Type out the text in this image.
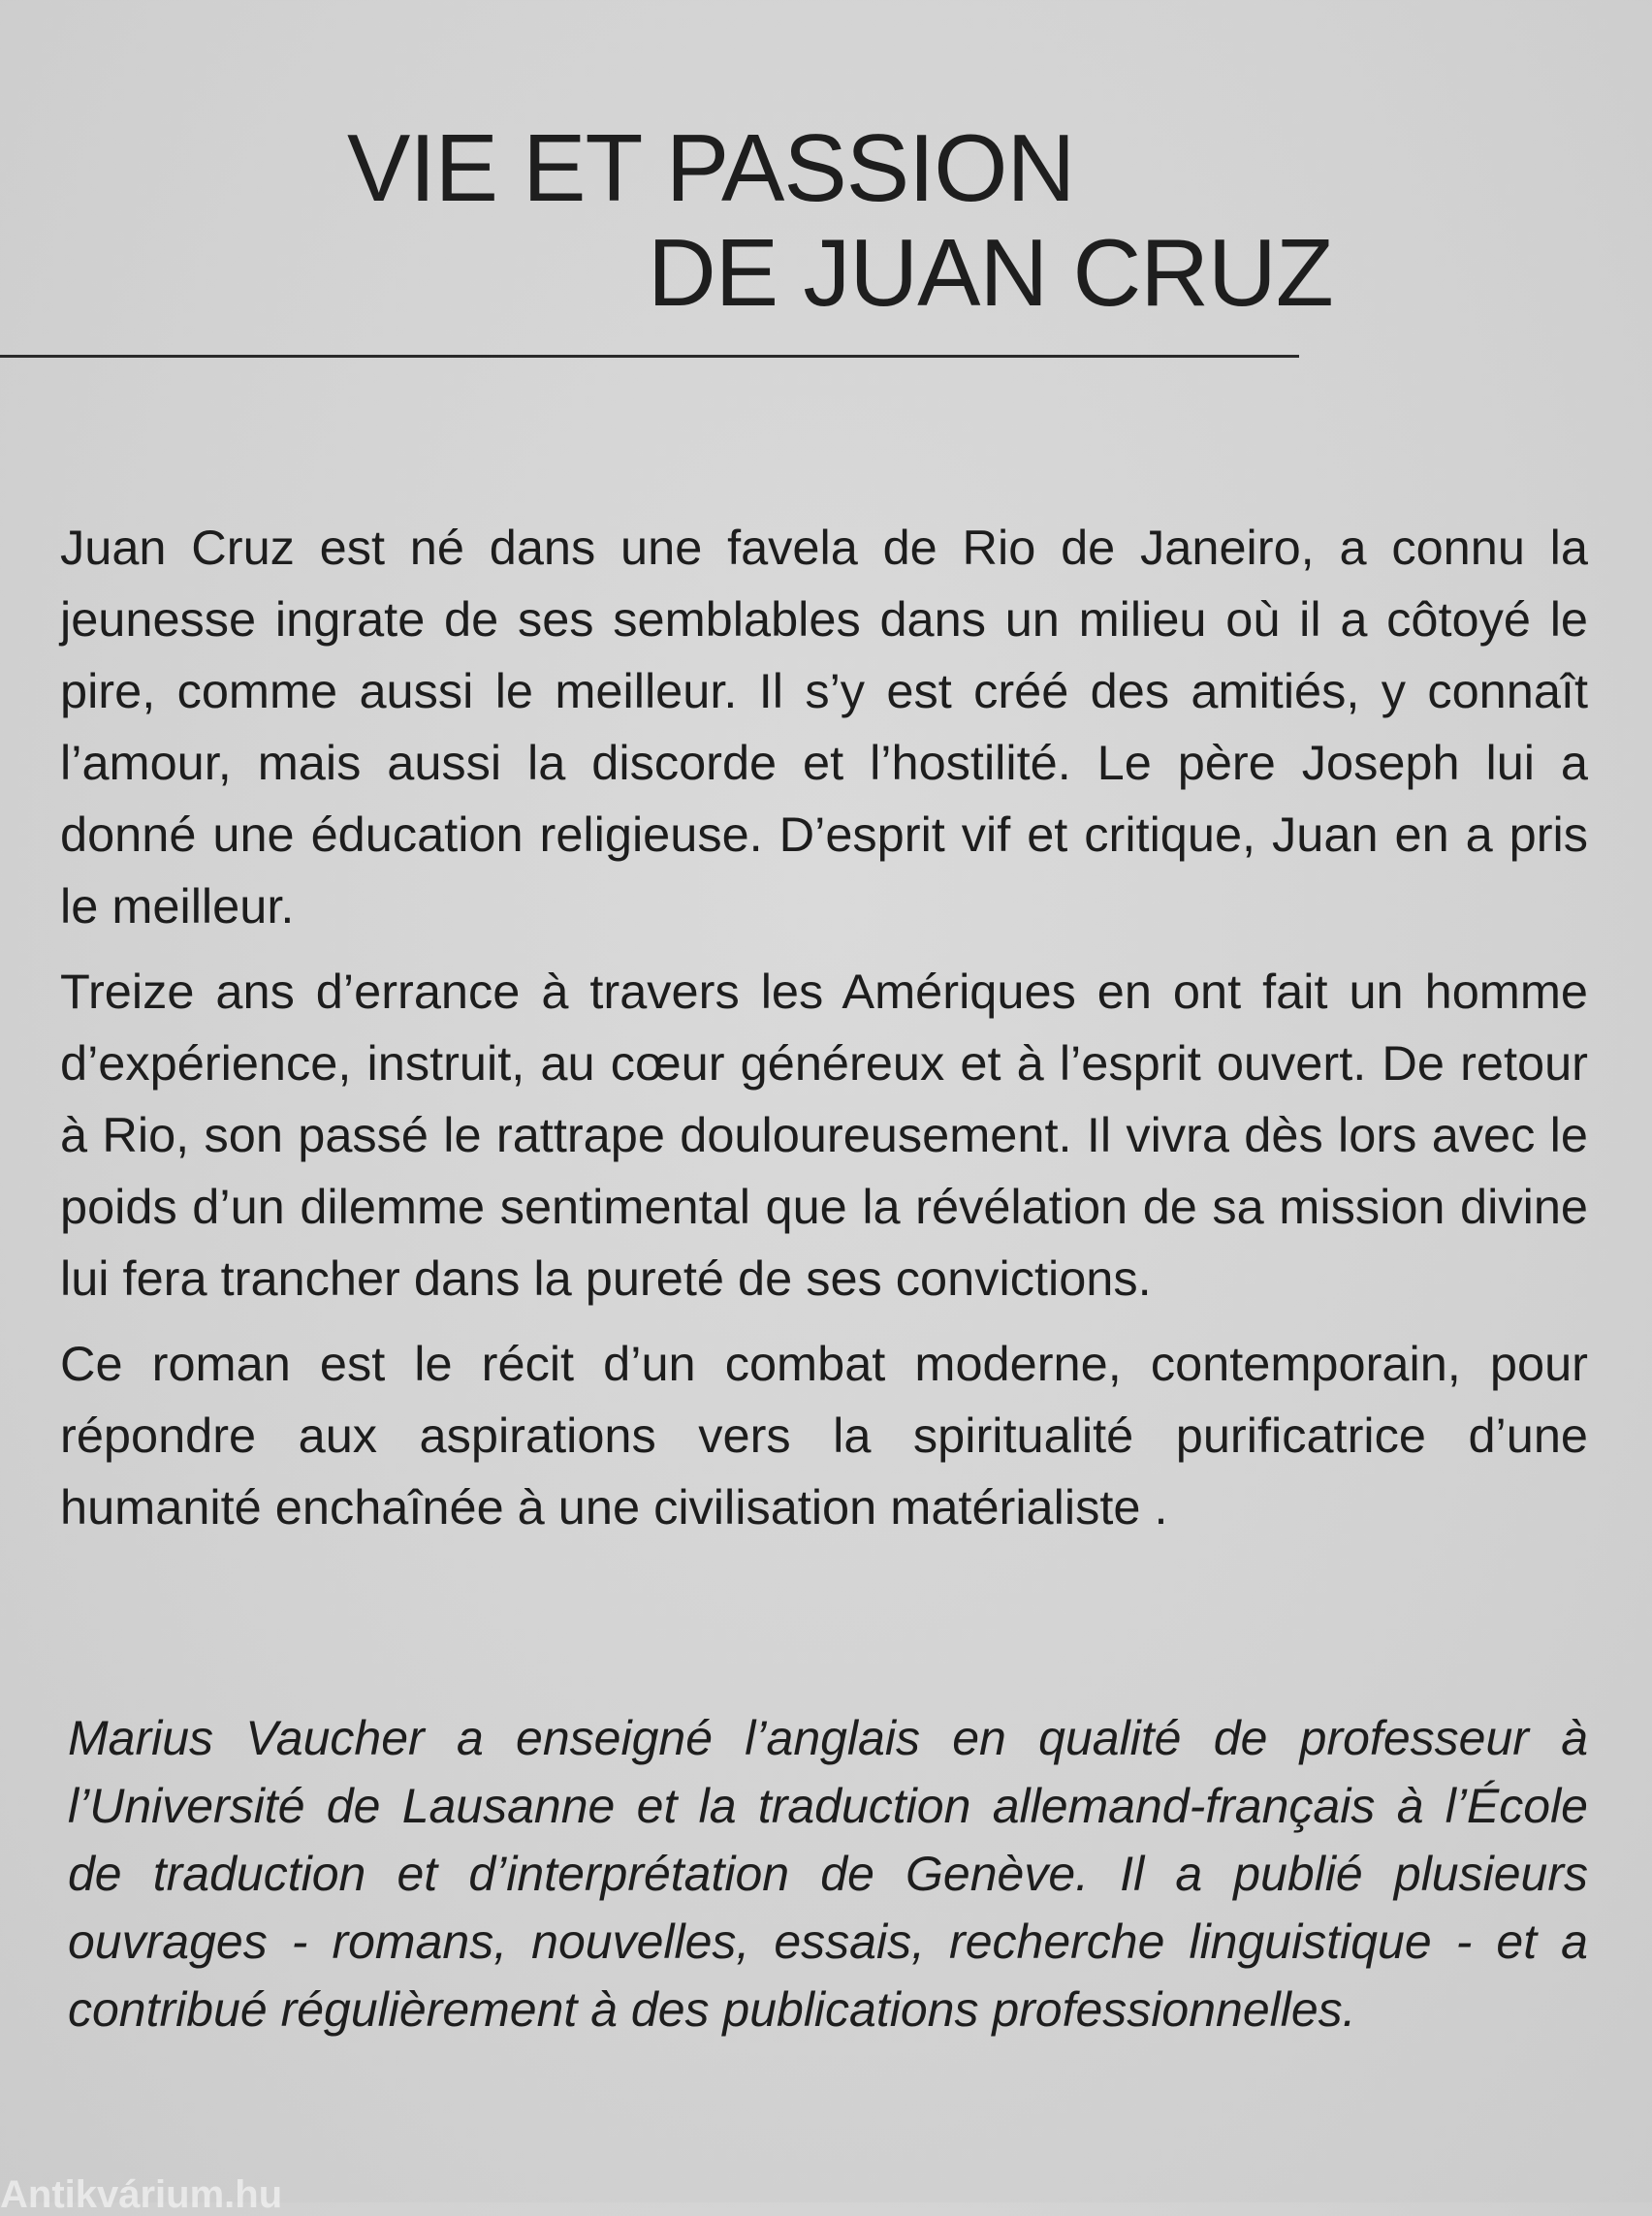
VIE ET PASSION
DE JUAN CRUZ

Juan Cruz est né dans une favela de Rio de Janeiro, a connu la jeunesse ingrate de ses semblables dans un milieu où il a côtoyé le pire, comme aussi le meilleur. Il s’y est créé des amitiés, y connaît l’amour, mais aussi la discorde et l’hostilité. Le père Joseph lui a donné une éducation religieuse. D’esprit vif et critique, Juan en a pris le meilleur.

Treize ans d’errance à travers les Amériques en ont fait un homme d’expérience, instruit, au cœur généreux et à l’esprit ouvert. De retour à Rio, son passé le rattrape douloureusement. Il vivra dès lors avec le poids d’un dilemme sentimental que la révélation de sa mission divine lui fera trancher dans la pureté de ses convictions.

Ce roman est le récit d’un combat moderne, contemporain, pour répondre aux aspirations vers la spiritualité purificatrice d’une humanité enchaînée à une civilisation matérialiste .

Marius Vaucher a enseigné l’anglais en qualité de professeur à l’Université de Lausanne et la traduction allemand-français à l’École de traduction et d’interprétation de Genève. Il a publié plusieurs ouvrages - romans, nouvelles, essais, recherche linguistique - et a contribué régulièrement à des publications professionnelles.

Antikvárium.hu
